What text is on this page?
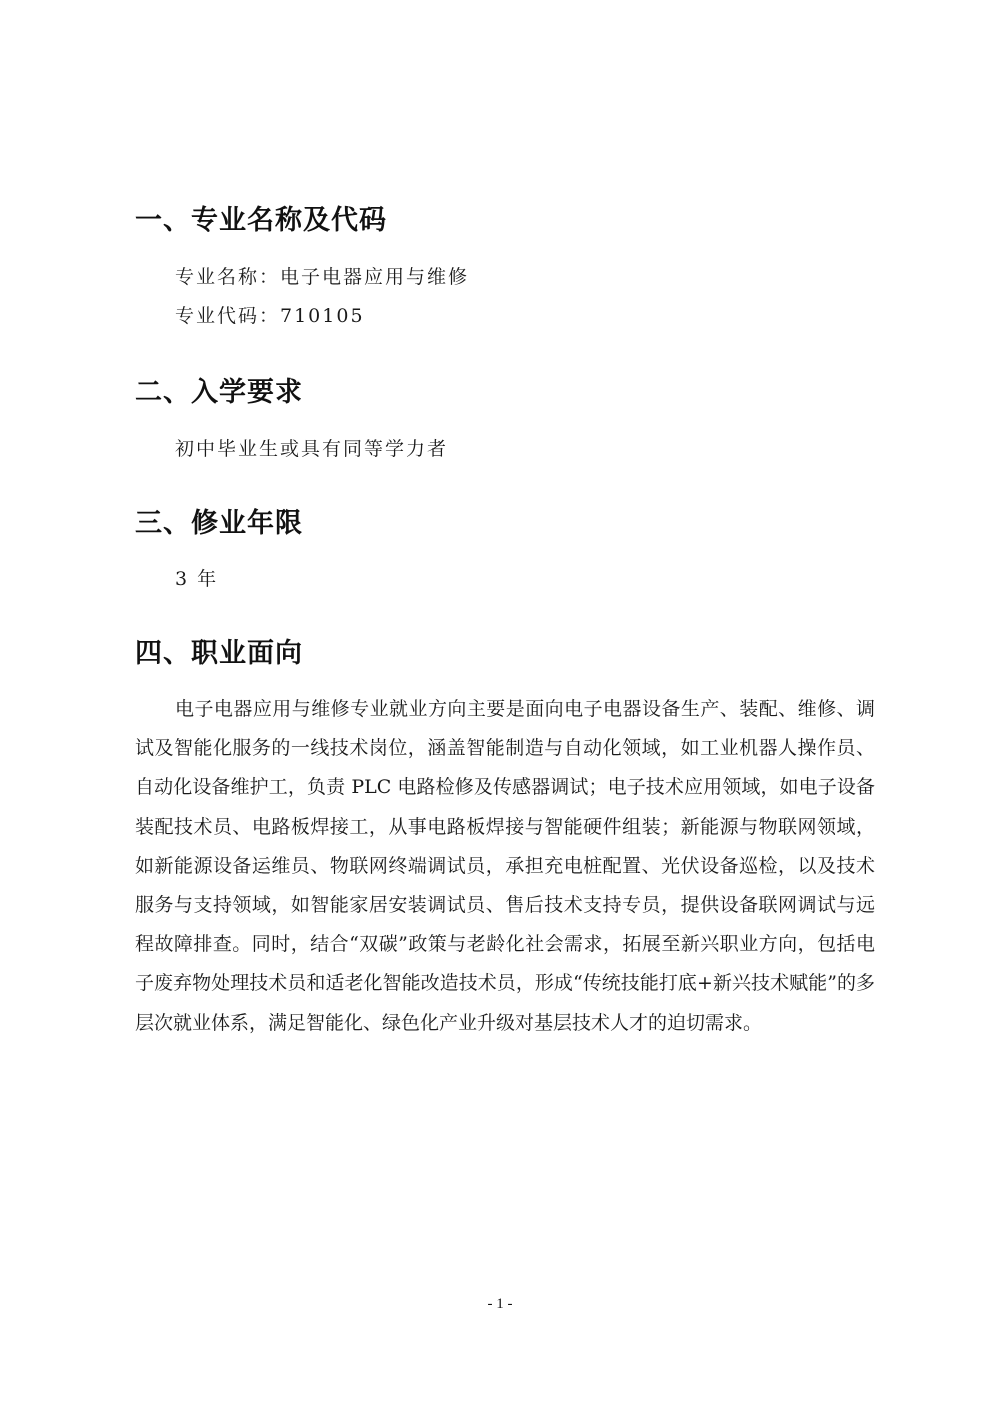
一、专业名称及代码
专业名称：电子电器应用与维修
专业代码：710105
二、入学要求
初中毕业生或具有同等学力者
三、修业年限
3 年
四、职业面向
电子电器应用与维修专业就业方向主要是面向电子电器设备生产、装配、维修、调试及智能化服务的一线技术岗位，涵盖智能制造与自动化领域，如工业机器人操作员、自动化设备维护工，负责 PLC 电路检修及传感器调试；电子技术应用领域，如电子设备装配技术员、电路板焊接工，从事电路板焊接与智能硬件组装；新能源与物联网领域，如新能源设备运维员、物联网终端调试员，承担充电桩配置、光伏设备巡检，以及技术服务与支持领域，如智能家居安装调试员、售后技术支持专员，提供设备联网调试与远程故障排查。同时，结合“双碳”政策与老龄化社会需求，拓展至新兴职业方向，包括电子废弃物处理技术员和适老化智能改造技术员，形成“传统技能打底+新兴技术赋能”的多层次就业体系，满足智能化、绿色化产业升级对基层技术人才的迫切需求。
- 1 -
